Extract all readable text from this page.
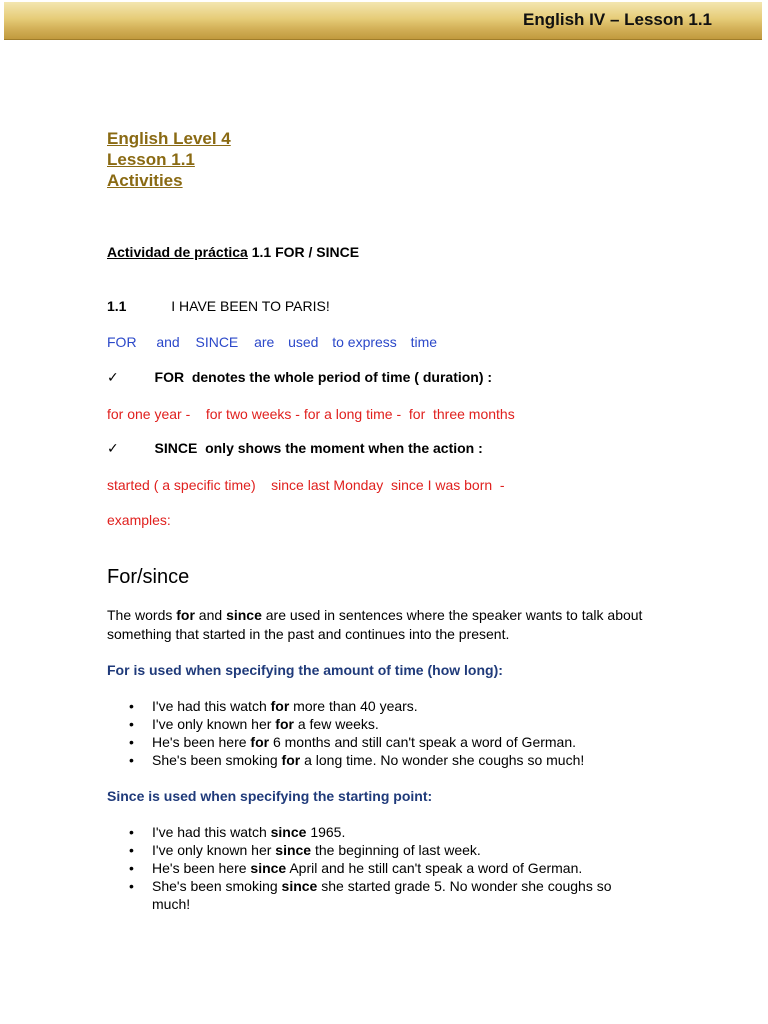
English IV – Lesson 1.1
English Level 4
Lesson 1.1
Activities
Actividad de práctica 1.1 FOR / SINCE
1.1	I HAVE BEEN TO PARIS!
FOR and SINCE are used to express time
✓	FOR  denotes the whole period of time ( duration) :
for one year -    for two weeks - for a long time -  for  three months
✓	SINCE  only shows the moment when the action :
started ( a specific time)    since last Monday  since I was born  -
examples:
For/since
The words for and since are used in sentences where the speaker wants to talk about something that started in the past and continues into the present.
For is used when specifying the amount of time (how long):
• I've had this watch for more than 40 years.
• I've only known her for a few weeks.
• He's been here for 6 months and still can't speak a word of German.
• She's been smoking for a long time. No wonder she coughs so much!
Since is used when specifying the starting point:
• I've had this watch since 1965.
• I've only known her since the beginning of last week.
• He's been here since April and he still can't speak a word of German.
• She's been smoking since she started grade 5. No wonder she coughs so much!
